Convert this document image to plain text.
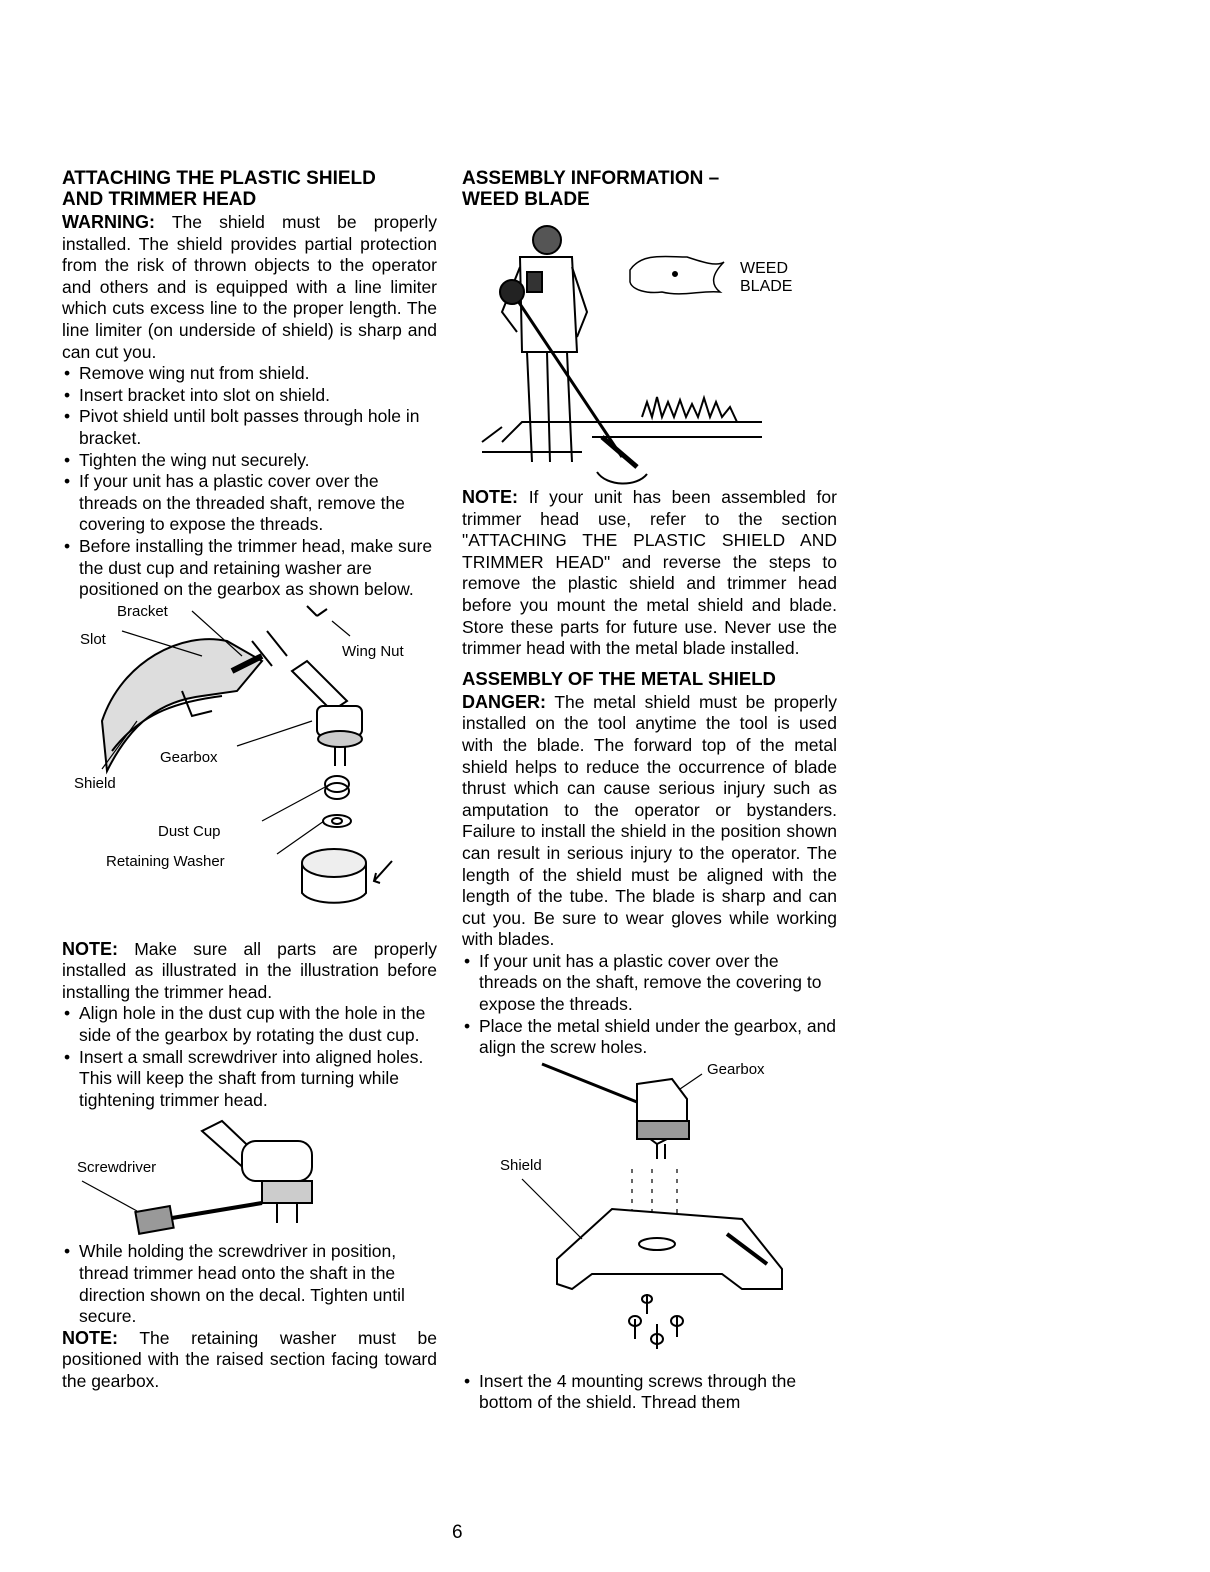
ATTACHING THE PLASTIC SHIELD
AND TRIMMER HEAD

WARNING: The shield must be properly installed. The shield provides partial protection from the risk of thrown objects to the operator and others and is equipped with a line limiter which cuts excess line to the proper length. The line limiter (on underside of shield) is sharp and can cut you.

• Remove wing nut from shield.
• Insert bracket into slot on shield.
• Pivot shield until bolt passes through hole in bracket.
• Tighten the wing nut securely.
• If your unit has a plastic cover over the threads on the threaded shaft, remove the covering to expose the threads.
• Before installing the trimmer head, make sure the dust cup and retaining washer are positioned on the gearbox as shown below.
Bracket
Slot
Wing Nut
Gearbox
Shield
Dust Cup
Retaining Washer

NOTE: Make sure all parts are properly installed as illustrated in the illustration before installing the trimmer head.

• Align hole in the dust cup with the hole in the side of the gearbox by rotating the dust cup.
• Insert a small screwdriver into aligned holes. This will keep the shaft from turning while tightening trimmer head.
Screwdriver
• While holding the screwdriver in position, thread trimmer head onto the shaft in the direction shown on the decal. Tighten until secure.

NOTE: The retaining washer must be positioned with the raised section facing toward the gearbox.

ASSEMBLY INFORMATION –
WEED BLADE
WEED
BLADE

NOTE: If your unit has been assembled for trimmer head use, refer to the section "ATTACHING THE PLASTIC SHIELD AND TRIMMER HEAD" and reverse the steps to remove the plastic shield and trimmer head before you mount the metal shield and blade. Store these parts for future use. Never use the trimmer head with the metal blade installed.

ASSEMBLY OF THE METAL SHIELD

DANGER: The metal shield must be properly installed on the tool anytime the tool is used with the blade. The forward top of the metal shield helps to reduce the occurrence of blade thrust which can cause serious injury such as amputation to the operator or bystanders. Failure to install the shield in the position shown can result in serious injury to the operator. The length of the shield must be aligned with the length of the tube. The blade is sharp and can cut you. Be sure to wear gloves while working with blades.

• If your unit has a plastic cover over the threads on the shaft, remove the covering to expose the threads.
• Place the metal shield under the gearbox, and align the screw holes.
Gearbox
Shield
• Insert the 4 mounting screws through the bottom of the shield. Thread them
6
